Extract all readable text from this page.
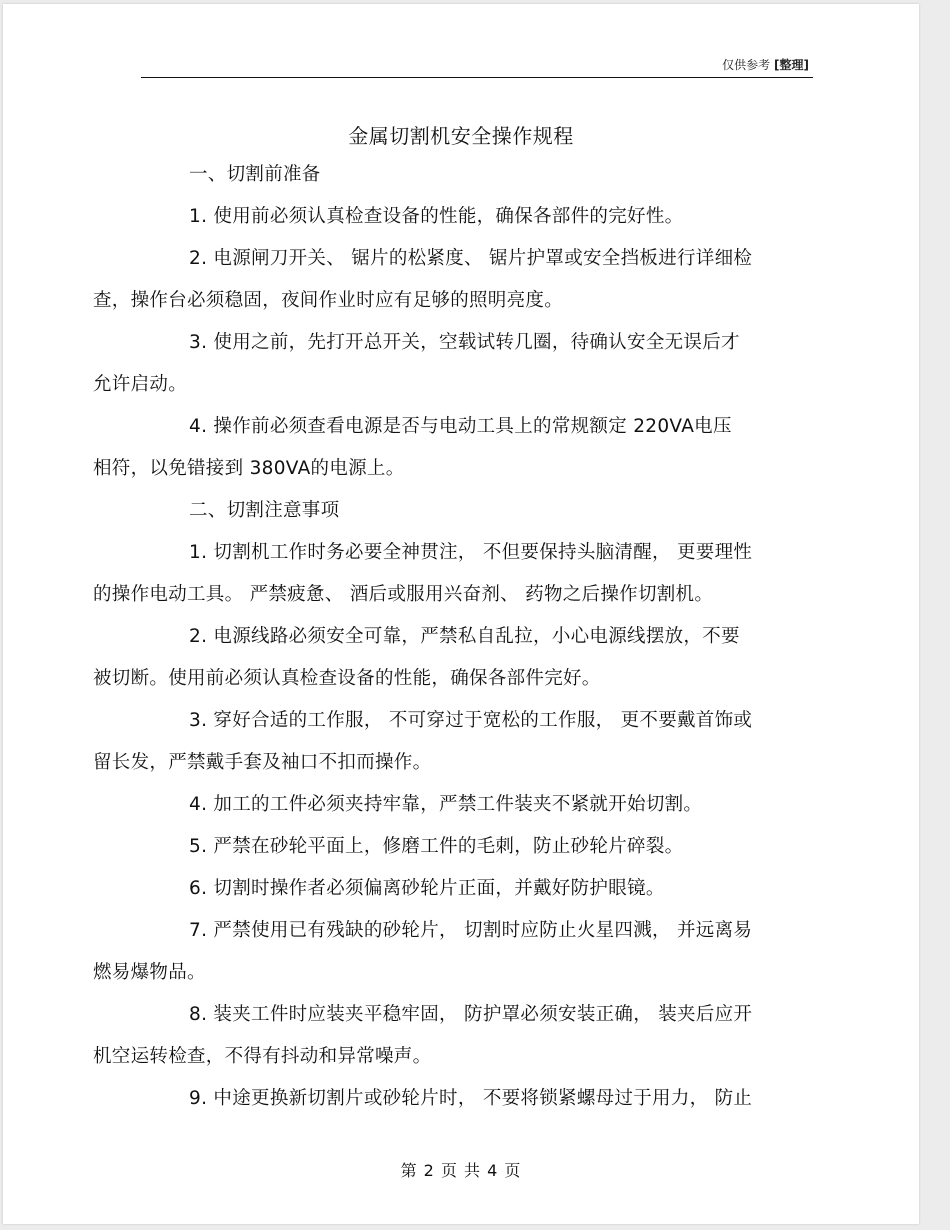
仅供参考 [整理]
金属切割机安全操作规程
一、切割前准备
1. 使用前必须认真检查设备的性能，确保各部件的完好性。
2. 电源闸刀开关、 锯片的松紧度、 锯片护罩或安全挡板进行详细检
查，操作台必须稳固，夜间作业时应有足够的照明亮度。
3. 使用之前，先打开总开关，空载试转几圈，待确认安全无误后才
允许启动。
4. 操作前必须查看电源是否与电动工具上的常规额定 220VA电压
相符，以免错接到 380VA的电源上。
二、切割注意事项
1. 切割机工作时务必要全神贯注， 不但要保持头脑清醒， 更要理性
的操作电动工具。 严禁疲惫、 酒后或服用兴奋剂、 药物之后操作切割机。
2. 电源线路必须安全可靠，严禁私自乱拉，小心电源线摆放，不要
被切断。使用前必须认真检查设备的性能，确保各部件完好。
3. 穿好合适的工作服， 不可穿过于宽松的工作服， 更不要戴首饰或
留长发，严禁戴手套及袖口不扣而操作。
4. 加工的工件必须夹持牢靠，严禁工件装夹不紧就开始切割。
5. 严禁在砂轮平面上，修磨工件的毛刺，防止砂轮片碎裂。
6. 切割时操作者必须偏离砂轮片正面，并戴好防护眼镜。
7. 严禁使用已有残缺的砂轮片， 切割时应防止火星四溅， 并远离易
燃易爆物品。
8. 装夹工件时应装夹平稳牢固， 防护罩必须安装正确， 装夹后应开
机空运转检查，不得有抖动和异常噪声。
9. 中途更换新切割片或砂轮片时， 不要将锁紧螺母过于用力， 防止
第 2 页 共 4 页
